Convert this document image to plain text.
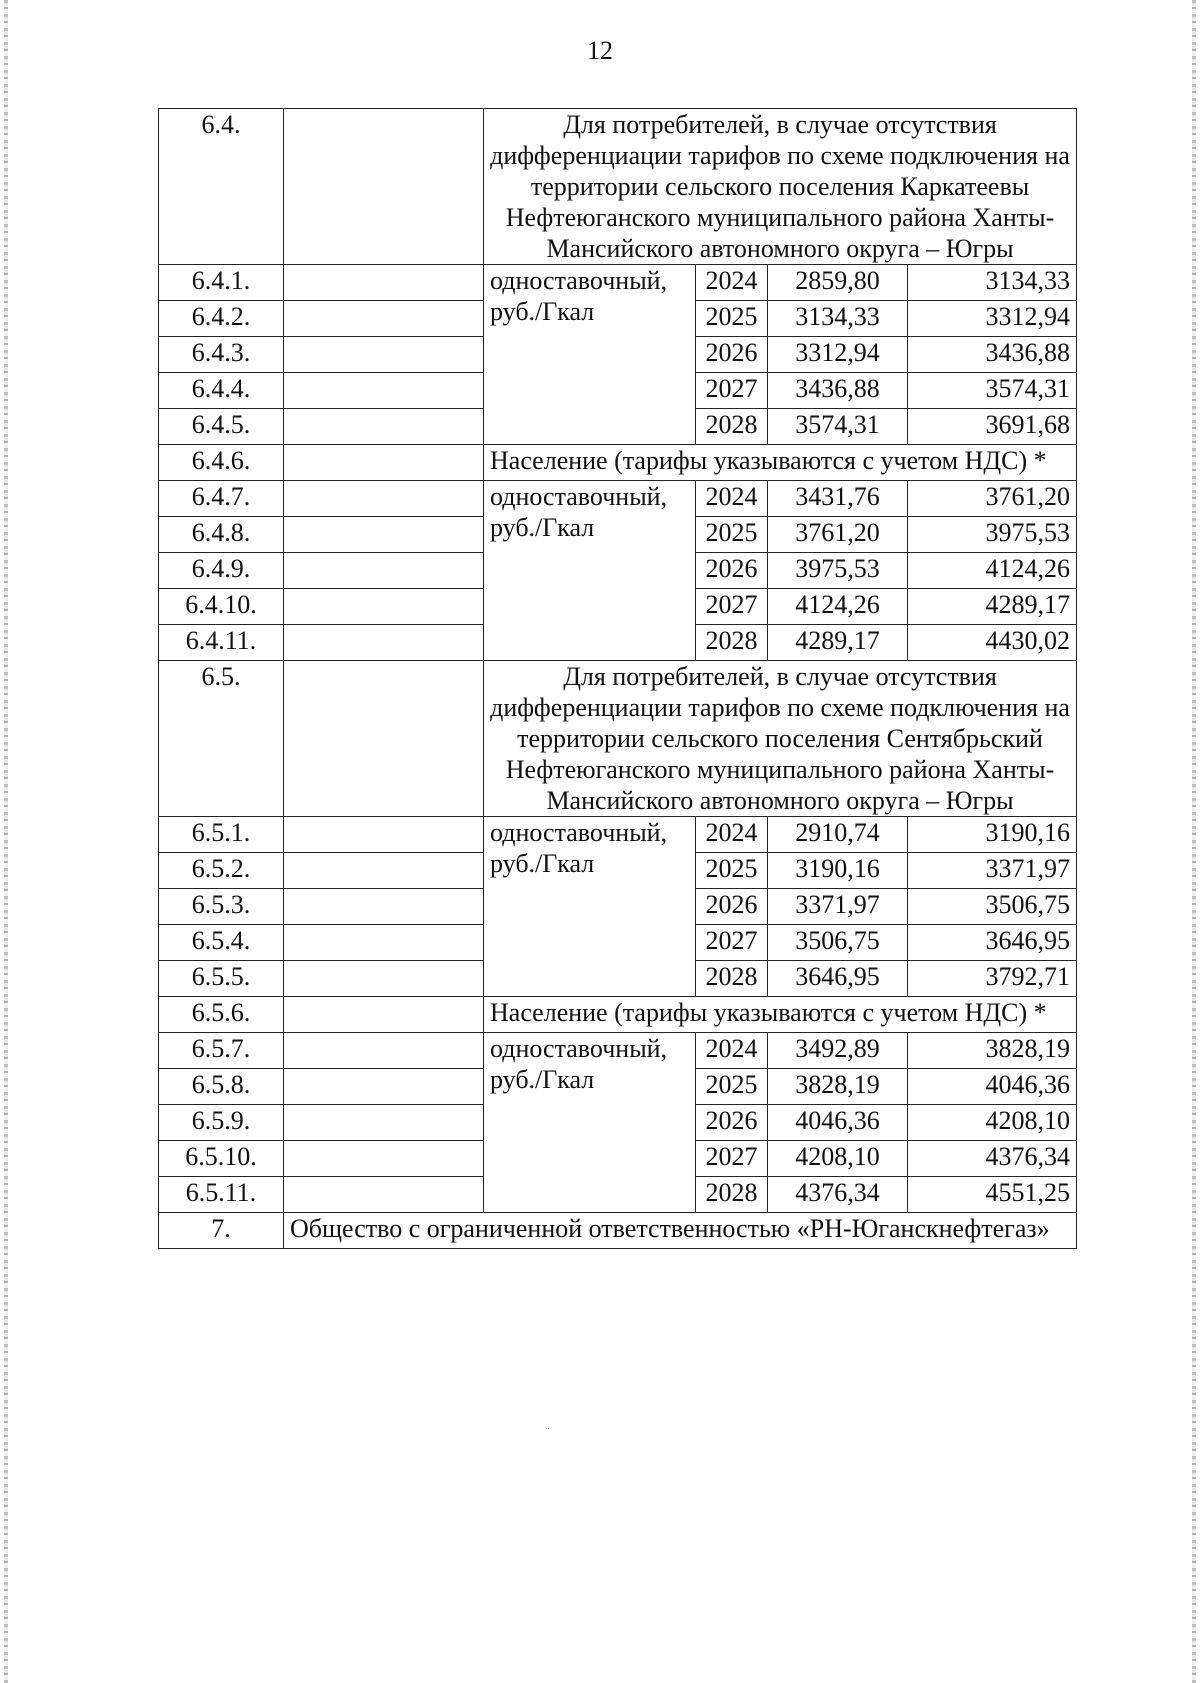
12
6.4.		Для потребителей, в случае отсутствия дифференциации тарифов по схеме подключения на территории сельского поселения Каркатеевы Нефтеюганского муниципального района Ханты-Мансийского автономного округа – Югры			
6.4.1.		одноставочный, руб./Гкал	2024	2859,80	3134,33
6.4.2.			2025	3134,33	3312,94
6.4.3.			2026	3312,94	3436,88
6.4.4.			2027	3436,88	3574,31
6.4.5.			2028	3574,31	3691,68
6.4.6.		Население (тарифы указываются с учетом НДС) *			
6.4.7.		одноставочный, руб./Гкал	2024	3431,76	3761,20
6.4.8.			2025	3761,20	3975,53
6.4.9.			2026	3975,53	4124,26
6.4.10.			2027	4124,26	4289,17
6.4.11.			2028	4289,17	4430,02
6.5.		Для потребителей, в случае отсутствия дифференциации тарифов по схеме подключения на территории сельского поселения Сентябрьский Нефтеюганского муниципального района Ханты-Мансийского автономного округа – Югры			
6.5.1.		одноставочный, руб./Гкал	2024	2910,74	3190,16
6.5.2.			2025	3190,16	3371,97
6.5.3.			2026	3371,97	3506,75
6.5.4.			2027	3506,75	3646,95
6.5.5.			2028	3646,95	3792,71
6.5.6.		Население (тарифы указываются с учетом НДС) *			
6.5.7.		одноставочный, руб./Гкал	2024	3492,89	3828,19
6.5.8.			2025	3828,19	4046,36
6.5.9.			2026	4046,36	4208,10
6.5.10.			2027	4208,10	4376,34
6.5.11.			2028	4376,34	4551,25
7.	Общество с ограниченной ответственностью «РН-Юганскнефтегаз»				
